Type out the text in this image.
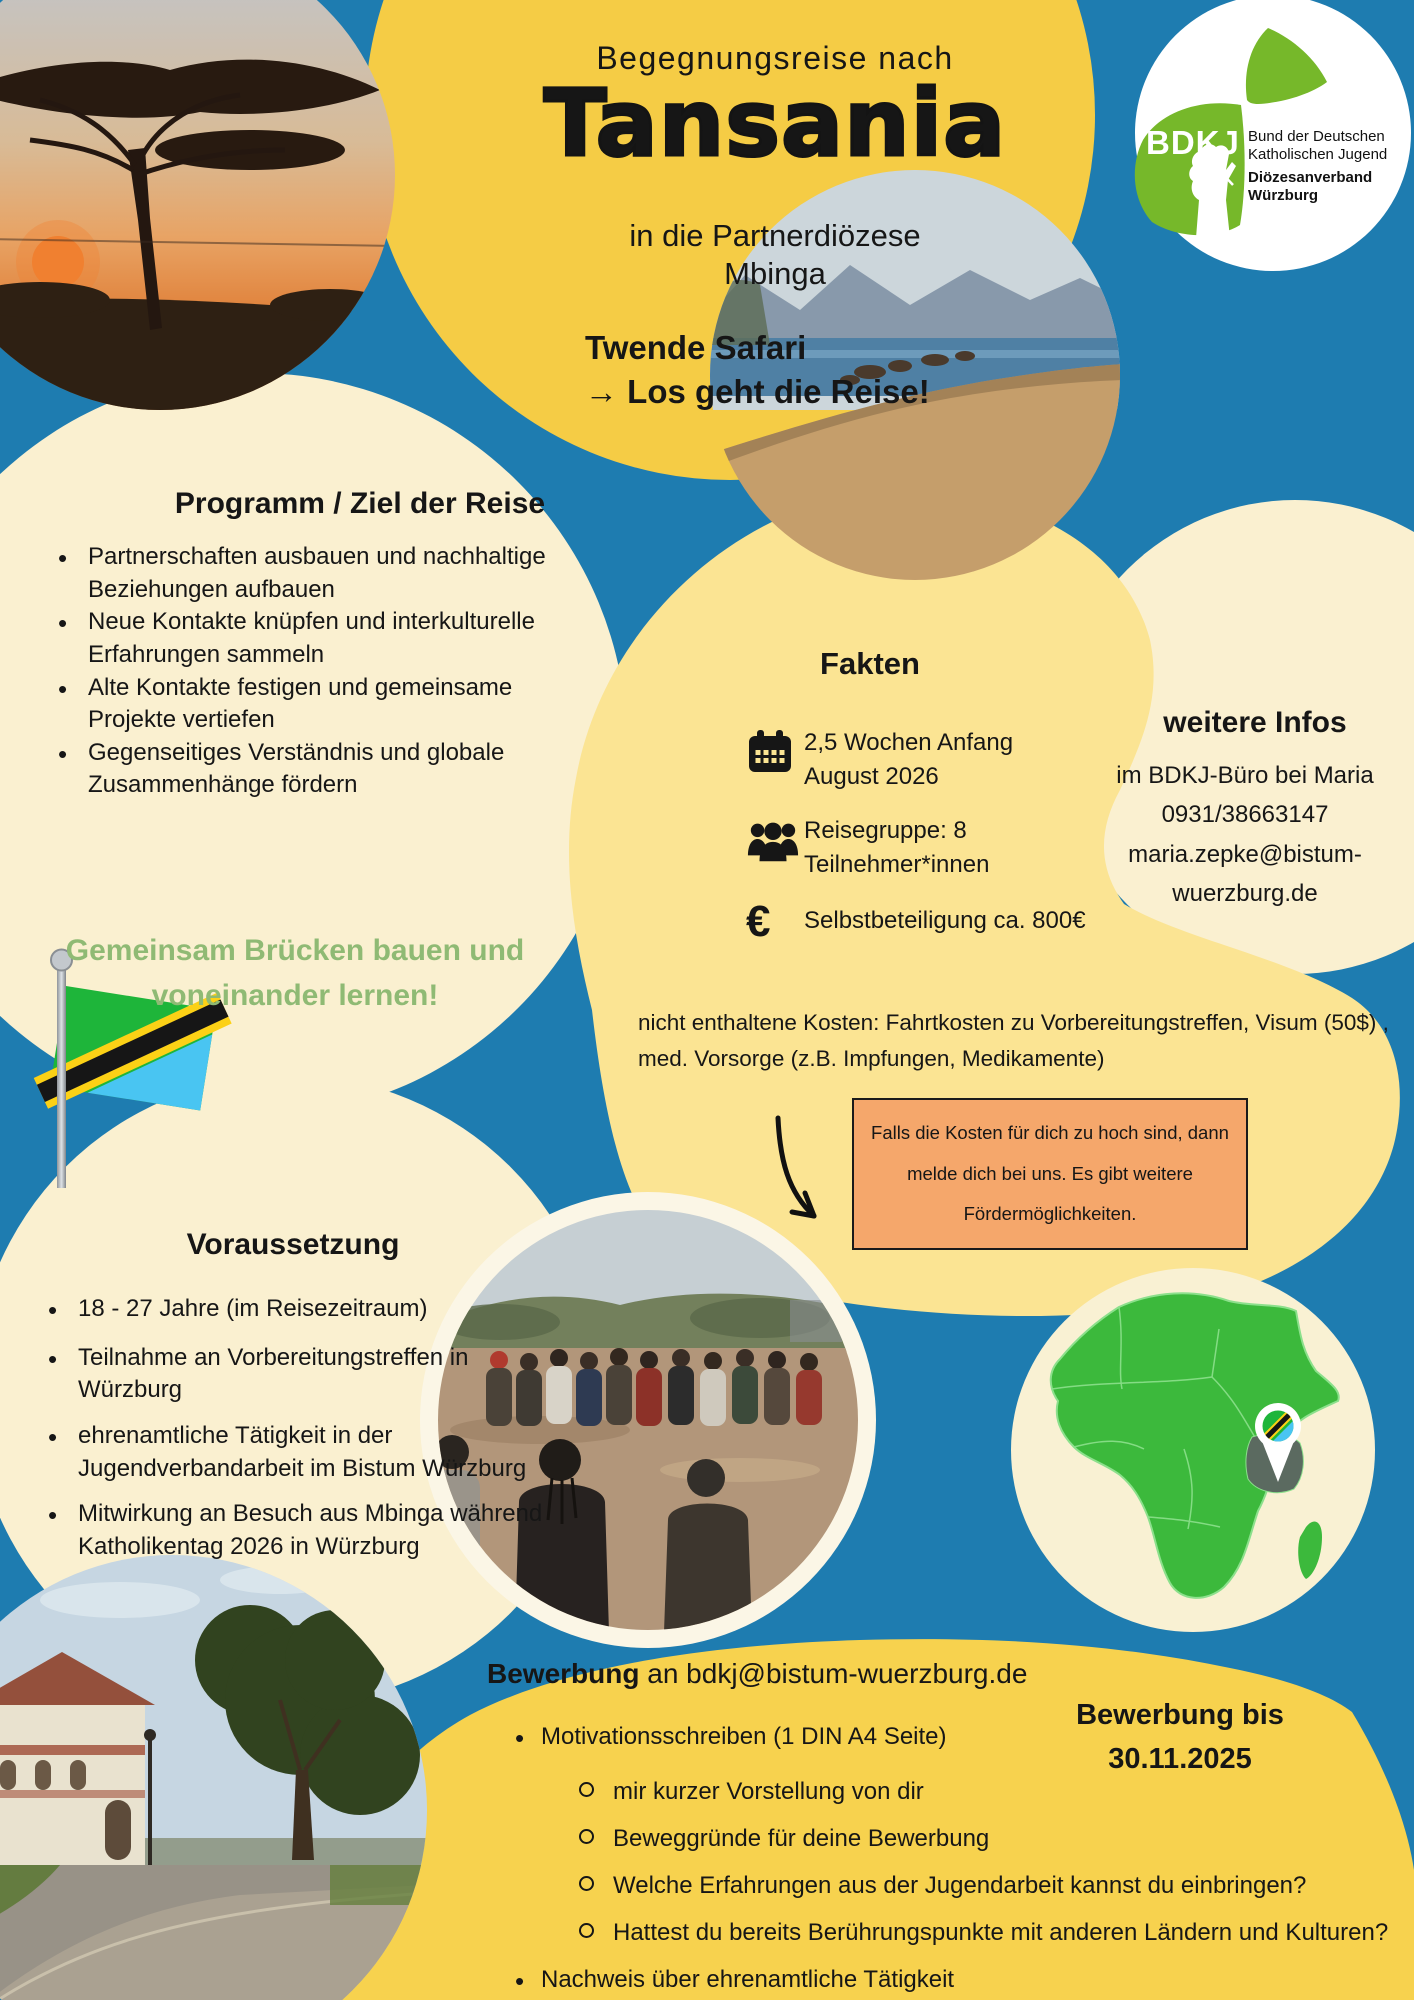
Begegnungsreise nach
Tansania
in die Partnerdiözese
Mbinga
Twende Safari
→ Los geht die Reise!
BDKJ Bund der Deutschen
Katholischen Jugend
Diözesanverband
Würzburg
Programm / Ziel der Reise
•
Partnerschaften ausbauen und nachhaltige Beziehungen aufbauen
•
Neue Kontakte knüpfen und interkulturelle Erfahrungen sammeln
•
Alte Kontakte festigen und gemeinsame Projekte vertiefen
•
Gegenseitiges Verständnis und globale Zusammenhänge fördern
Gemeinsam Brücken bauen und
voneinander lernen!
Fakten
2,5 Wochen Anfang
August 2026
Reisegruppe: 8
Teilnehmer*innen
€	Selbstbeteiligung ca. 800€
weitere Infos
im BDKJ-Büro bei Maria
0931/38663147
maria.zepke@bistum-
wuerzburg.de
nicht enthaltene Kosten: Fahrtkosten zu Vorbereitungstreffen, Visum (50$) , med. Vorsorge (z.B. Impfungen, Medikamente)
Falls die Kosten für dich zu hoch sind, dann melde dich bei uns. Es gibt weitere Fördermöglichkeiten.
Voraussetzung
•
18 - 27 Jahre (im Reisezeitraum)
•
Teilnahme an Vorbereitungstreffen in Würzburg
•
ehrenamtliche Tätigkeit in der Jugendverbandarbeit im Bistum Würzburg
•
Mitwirkung an Besuch aus Mbinga während Katholikentag 2026 in Würzburg
Bewerbung an bdkj@bistum-wuerzburg.de
•
Motivationsschreiben (1 DIN A4 Seite)
mir kurzer Vorstellung von dir
Beweggründe für deine Bewerbung
Welche Erfahrungen aus der Jugendarbeit kannst du einbringen?
Hattest du bereits Berührungspunkte mit anderen Ländern und Kulturen?
•
Nachweis über ehrenamtliche Tätigkeit
Bewerbung bis
30.11.2025
